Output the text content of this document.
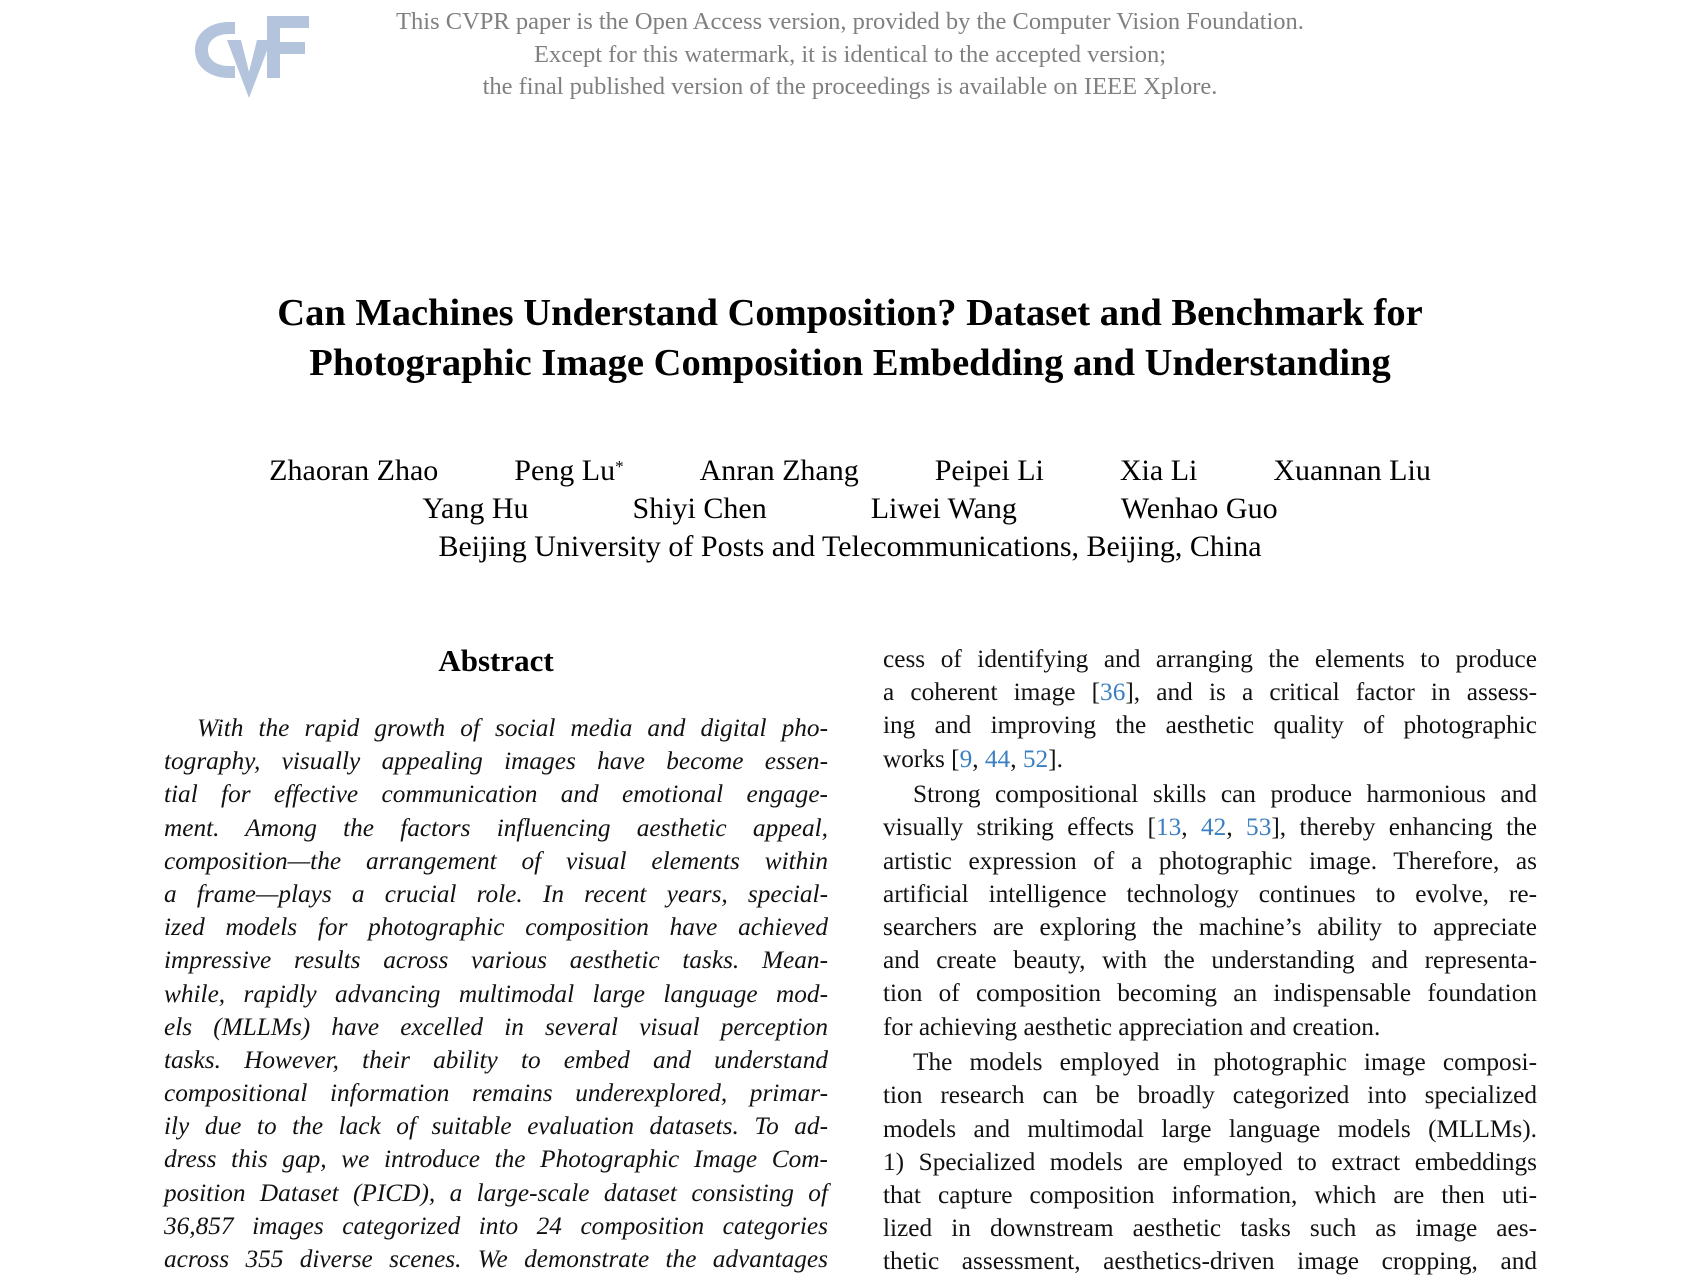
This CVPR paper is the Open Access version, provided by the Computer Vision Foundation.
Except for this watermark, it is identical to the accepted version;
the final published version of the proceedings is available on IEEE Xplore.
Can Machines Understand Composition? Dataset and Benchmark for
Photographic Image Composition Embedding and Understanding
Zhaoran Zhao	Peng Lu*	Anran Zhang	Peipei Li	Xia Li	Xuannan Liu
Yang Hu	Shiyi Chen	Liwei Wang	Wenhao Guo
Beijing University of Posts and Telecommunications, Beijing, China
Abstract
With the rapid growth of social media and digital pho-
tography, visually appealing images have become essen-
tial for effective communication and emotional engage-
ment. Among the factors influencing aesthetic appeal,
composition—the arrangement of visual elements within
a frame—plays a crucial role. In recent years, special-
ized models for photographic composition have achieved
impressive results across various aesthetic tasks. Mean-
while, rapidly advancing multimodal large language mod-
els (MLLMs) have excelled in several visual perception
tasks. However, their ability to embed and understand
compositional information remains underexplored, primar-
ily due to the lack of suitable evaluation datasets. To ad-
dress this gap, we introduce the Photographic Image Com-
position Dataset (PICD), a large-scale dataset consisting of
36,857 images categorized into 24 composition categories
across 355 diverse scenes. We demonstrate the advantages
cess of identifying and arranging the elements to produce
a coherent image [36], and is a critical factor in assess-
ing and improving the aesthetic quality of photographic
works [9, 44, 52].
Strong compositional skills can produce harmonious and
visually striking effects [13, 42, 53], thereby enhancing the
artistic expression of a photographic image. Therefore, as
artificial intelligence technology continues to evolve, re-
searchers are exploring the machine’s ability to appreciate
and create beauty, with the understanding and representa-
tion of composition becoming an indispensable foundation
for achieving aesthetic appreciation and creation.
The models employed in photographic image composi-
tion research can be broadly categorized into specialized
models and multimodal large language models (MLLMs).
1) Specialized models are employed to extract embeddings
that capture composition information, which are then uti-
lized in downstream aesthetic tasks such as image aes-
thetic assessment, aesthetics-driven image cropping, and
